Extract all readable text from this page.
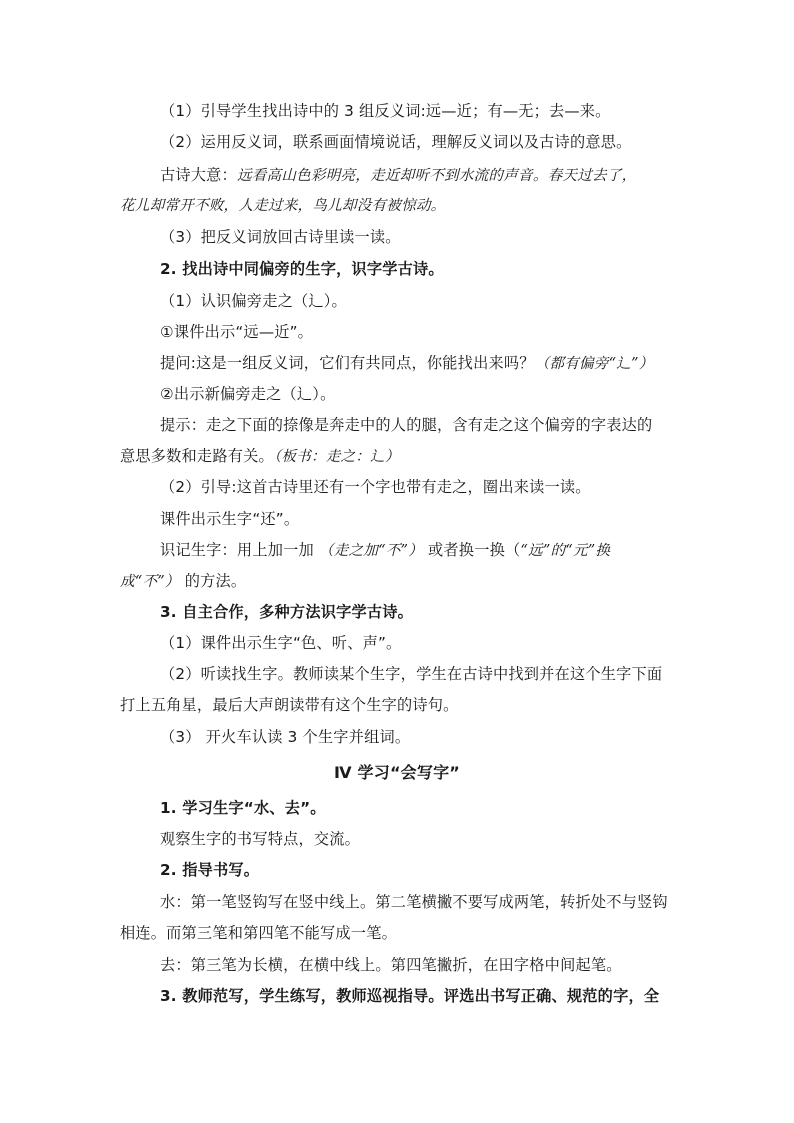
（1）引导学生找出诗中的 3 组反义词:远—近；有—无；去—来。

（2）运用反义词，联系画面情境说话，理解反义词以及古诗的意思。

古诗大意：远看高山色彩明亮，走近却听不到水流的声音。春天过去了，

花儿却常开不败，人走过来，鸟儿却没有被惊动。

（3）把反义词放回古诗里读一读。

2. 找出诗中同偏旁的生字，识字学古诗。

（1）认识偏旁走之（辶）。

①课件出示“远—近”。

提问:这是一组反义词，它们有共同点，你能找出来吗？（都有偏旁“辶”）

②出示新偏旁走之（辶）。

提示：走之下面的捺像是奔走中的人的腿，含有走之这个偏旁的字表达的

意思多数和走路有关。（板书：走之：辶）

（2）引导:这首古诗里还有一个字也带有走之，圈出来读一读。

课件出示生字“还”。

识记生字：用上加一加 （走之加“不”） 或者换一换（“远”的“元”换

成“不”） 的方法。

3. 自主合作，多种方法识字学古诗。

（1）课件出示生字“色、听、声”。

（2）听读找生字。教师读某个生字，学生在古诗中找到并在这个生字下面

打上五角星，最后大声朗读带有这个生字的诗句。

（3） 开火车认读 3 个生字并组词。

Ⅳ 学习“会写字”

1. 学习生字“水、去”。

观察生字的书写特点，交流。

2. 指导书写。

水：第一笔竖钩写在竖中线上。第二笔横撇不要写成两笔，转折处不与竖钩

相连。而第三笔和第四笔不能写成一笔。

去：第三笔为长横，在横中线上。第四笔撇折，在田字格中间起笔。

3. 教师范写，学生练写，教师巡视指导。评选出书写正确、规范的字，全
